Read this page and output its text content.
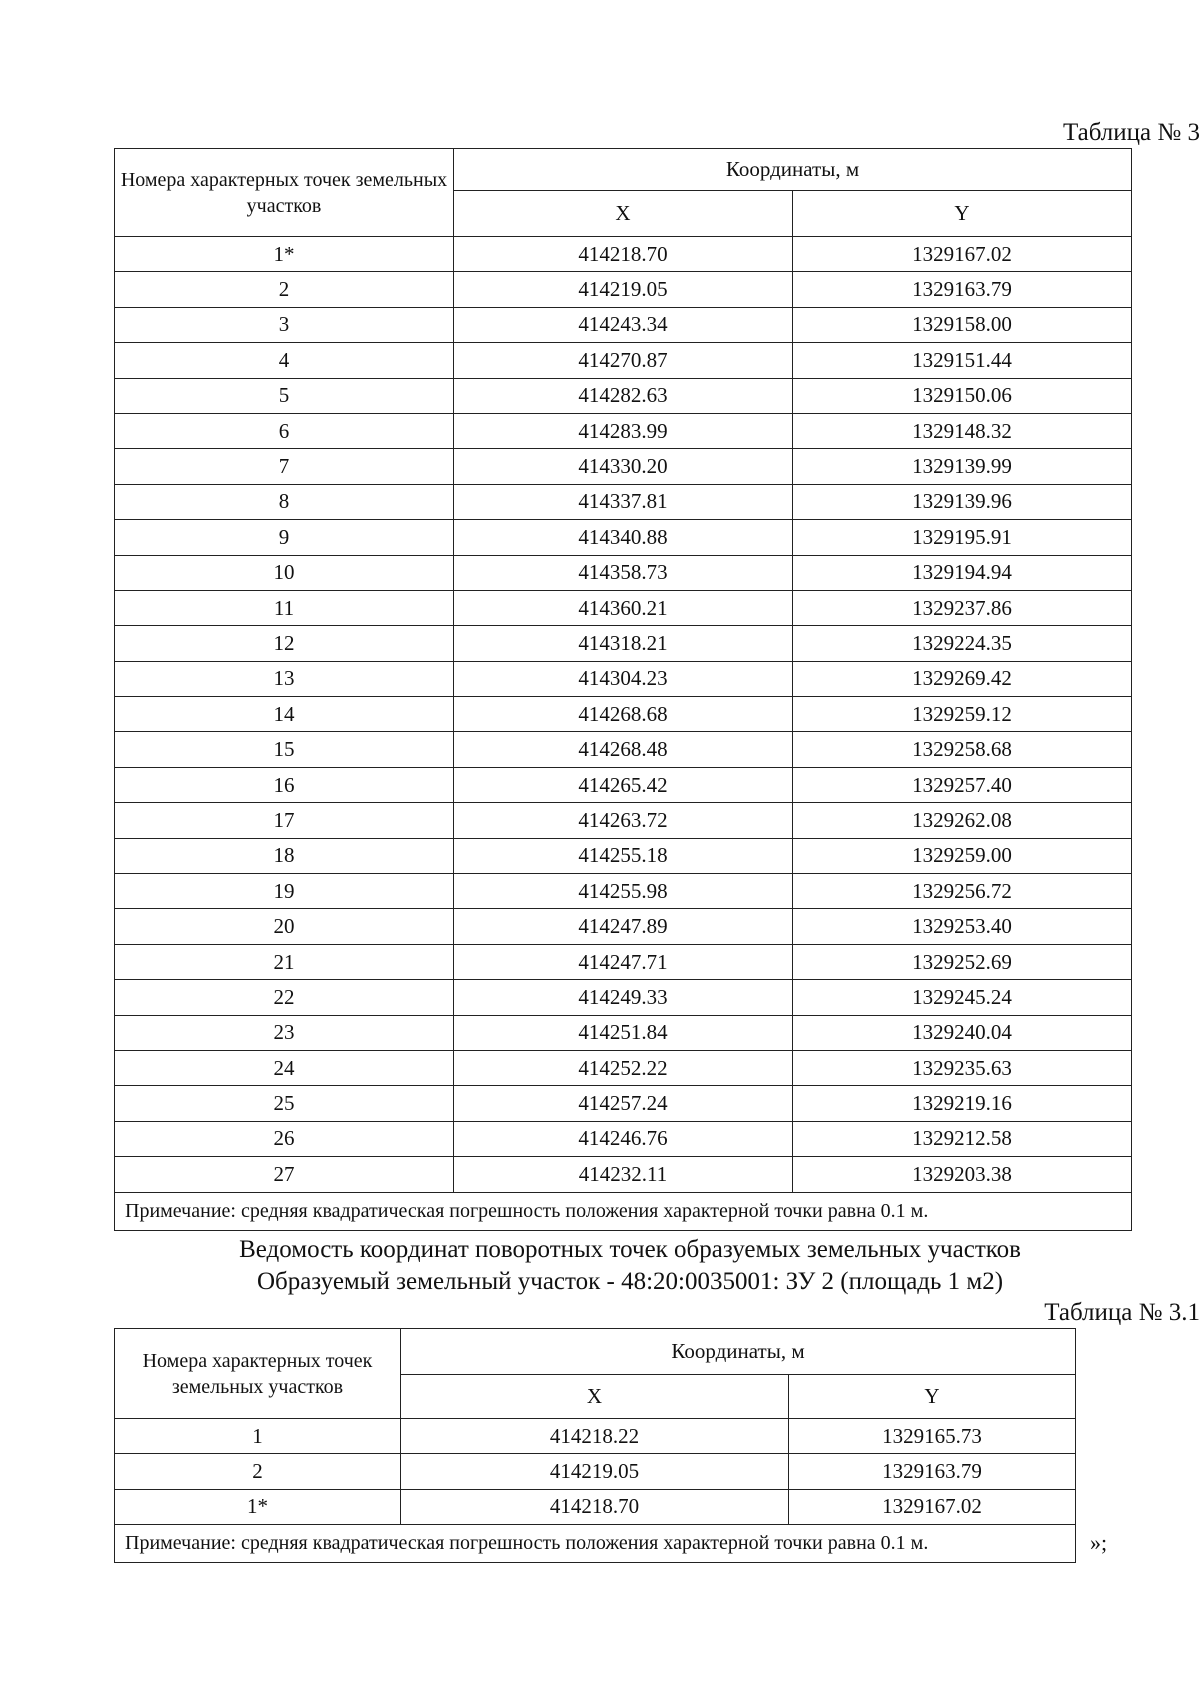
Таблица № 3
Номера характерных точек земельных участков	Координаты, м	
	X	Y
1*	414218.70	1329167.02
2	414219.05	1329163.79
3	414243.34	1329158.00
4	414270.87	1329151.44
5	414282.63	1329150.06
6	414283.99	1329148.32
7	414330.20	1329139.99
8	414337.81	1329139.96
9	414340.88	1329195.91
10	414358.73	1329194.94
11	414360.21	1329237.86
12	414318.21	1329224.35
13	414304.23	1329269.42
14	414268.68	1329259.12
15	414268.48	1329258.68
16	414265.42	1329257.40
17	414263.72	1329262.08
18	414255.18	1329259.00
19	414255.98	1329256.72
20	414247.89	1329253.40
21	414247.71	1329252.69
22	414249.33	1329245.24
23	414251.84	1329240.04
24	414252.22	1329235.63
25	414257.24	1329219.16
26	414246.76	1329212.58
27	414232.11	1329203.38
Примечание: средняя квадратическая погрешность положения характерной точки равна 0.1 м.		
Ведомость координат поворотных точек образуемых земельных участков
Образуемый земельный участок - 48:20:0035001: ЗУ 2 (площадь 1 м2)
Таблица № 3.1
Номера характерных точек земельных участков	Координаты, м	
	X	Y
1	414218.22	1329165.73
2	414219.05	1329163.79
1*	414218.70	1329167.02
Примечание: средняя квадратическая погрешность положения характерной точки равна 0.1 м.			»;
